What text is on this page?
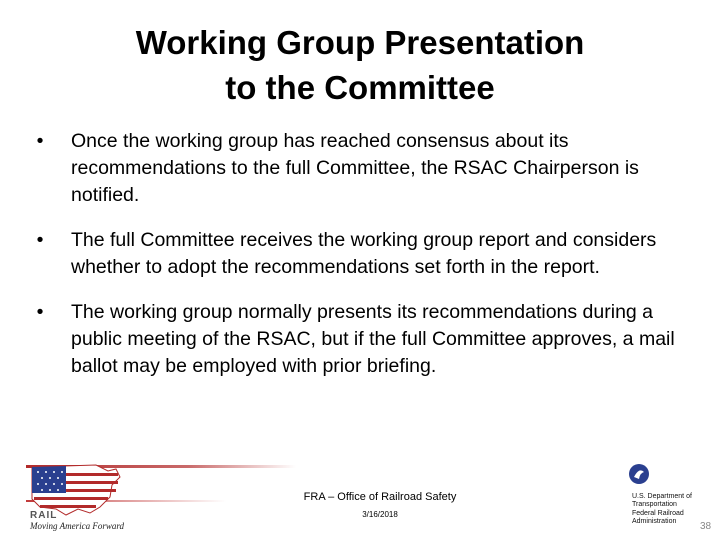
Working Group Presentation
to the Committee
•	Once the working group has reached consensus about its recommendations to the full Committee, the RSAC Chairperson is notified.
•	The full Committee receives the working group report and considers whether to adopt the recommendations set forth in the report.
•	The working group normally presents its recommendations during a public meeting of the RSAC, but if the full Committee approves, a mail ballot may be employed with prior briefing.
RAIL
Moving America Forward
FRA – Office of Railroad Safety
3/16/2018
U.S. Department of Transportation
Federal Railroad Administration	38
